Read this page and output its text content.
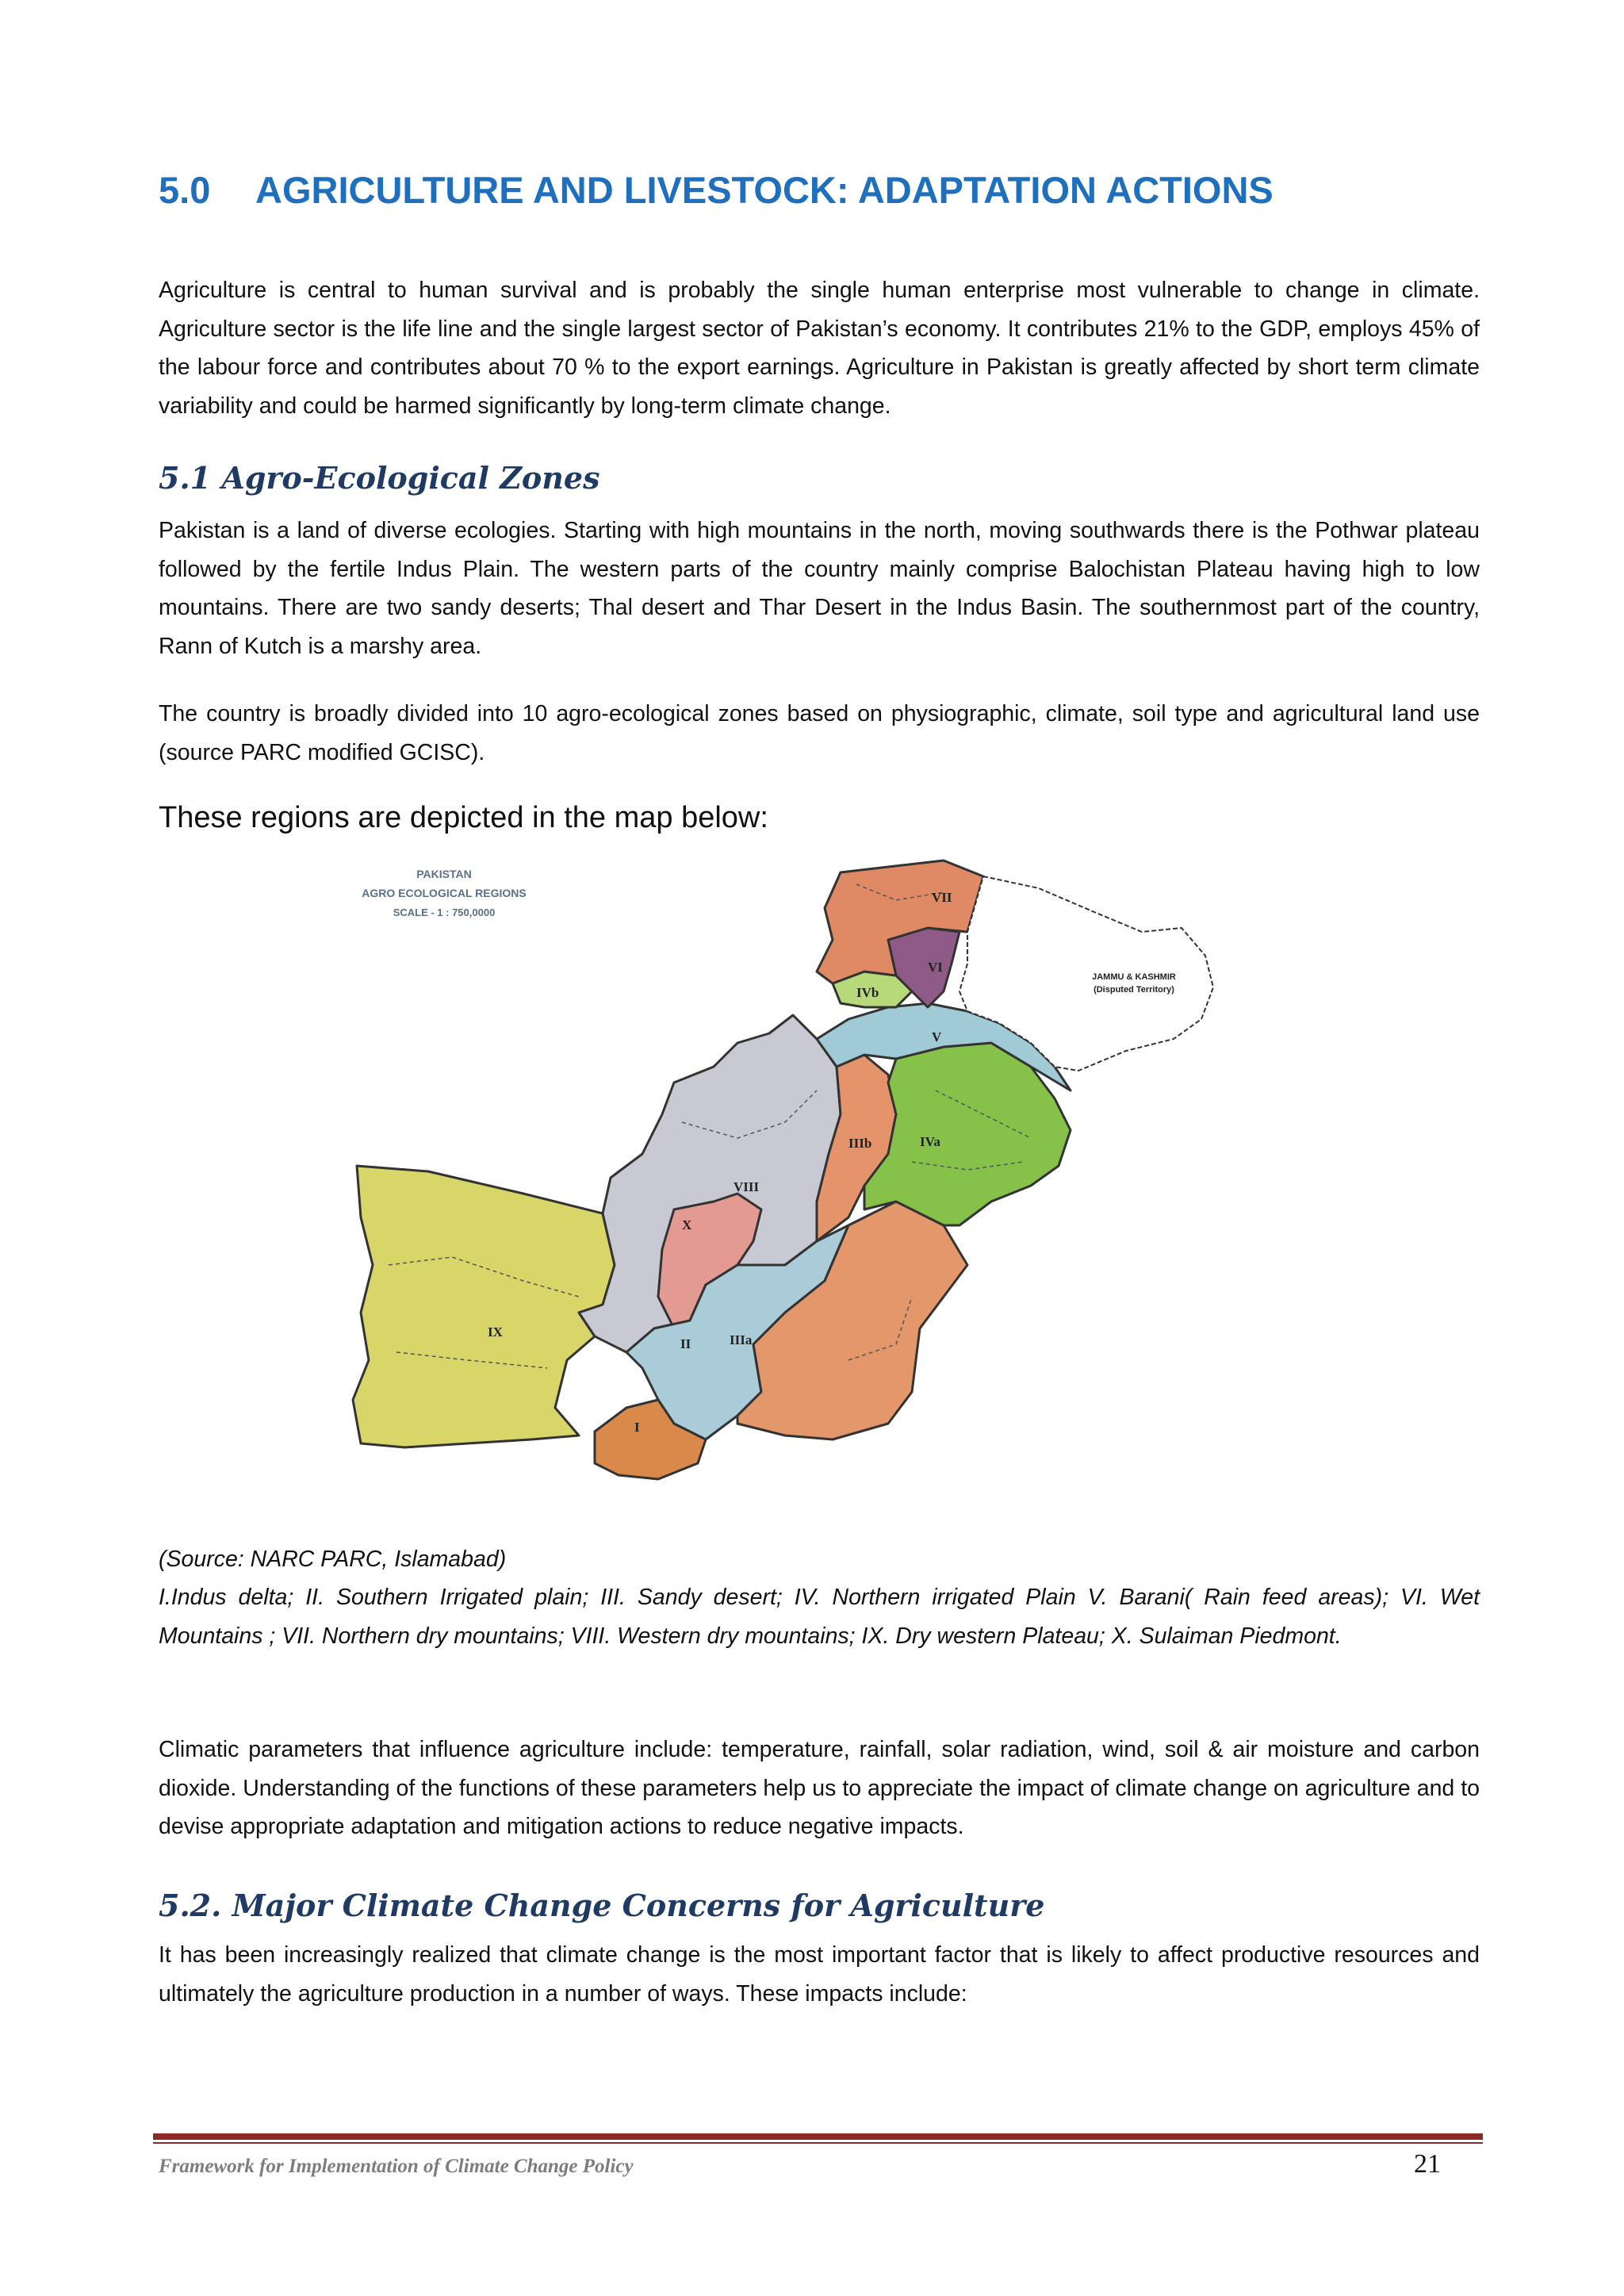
5.0 AGRICULTURE AND LIVESTOCK: ADAPTATION ACTIONS

Agriculture is central to human survival and is probably the single human enterprise most vulnerable to change in climate. Agriculture sector is the life line and the single largest sector of Pakistan’s economy. It contributes 21% to the GDP, employs 45% of the labour force and contributes about 70 % to the export earnings. Agriculture in Pakistan is greatly affected by short term climate variability and could be harmed significantly by long-term climate change.

5.1 Agro-Ecological Zones

Pakistan is a land of diverse ecologies. Starting with high mountains in the north, moving southwards there is the Pothwar plateau followed by the fertile Indus Plain. The western parts of the country mainly comprise Balochistan Plateau having high to low mountains. There are two sandy deserts; Thal desert and Thar Desert in the Indus Basin. The southernmost part of the country, Rann of Kutch is a marshy area.

The country is broadly divided into 10 agro-ecological zones based on physiographic, climate, soil type and agricultural land use (source PARC modified GCISC).

These regions are depicted in the map below:

PAKISTAN
AGRO ECOLOGICAL REGIONS
SCALE - 1 : 750,0000
JAMMU & KASHMIR
(Disputed Territory)
I
II	IIIa
IIIb	IVa
IVb
V
VI
VII
VIII
X
IX

(Source: NARC PARC, Islamabad)

I.Indus delta; II. Southern Irrigated plain; III. Sandy desert; IV. Northern irrigated Plain V. Barani( Rain feed areas); VI. Wet Mountains ; VII. Northern dry mountains; VIII. Western dry mountains; IX. Dry western Plateau; X. Sulaiman Piedmont.

Climatic parameters that influence agriculture include: temperature, rainfall, solar radiation, wind, soil & air moisture and carbon dioxide. Understanding of the functions of these parameters help us to appreciate the impact of climate change on agriculture and to devise appropriate adaptation and mitigation actions to reduce negative impacts.

5.2. Major Climate Change Concerns for Agriculture

It has been increasingly realized that climate change is the most important factor that is likely to affect productive resources and ultimately the agriculture production in a number of ways. These impacts include:

Framework for Implementation of Climate Change Policy	21
